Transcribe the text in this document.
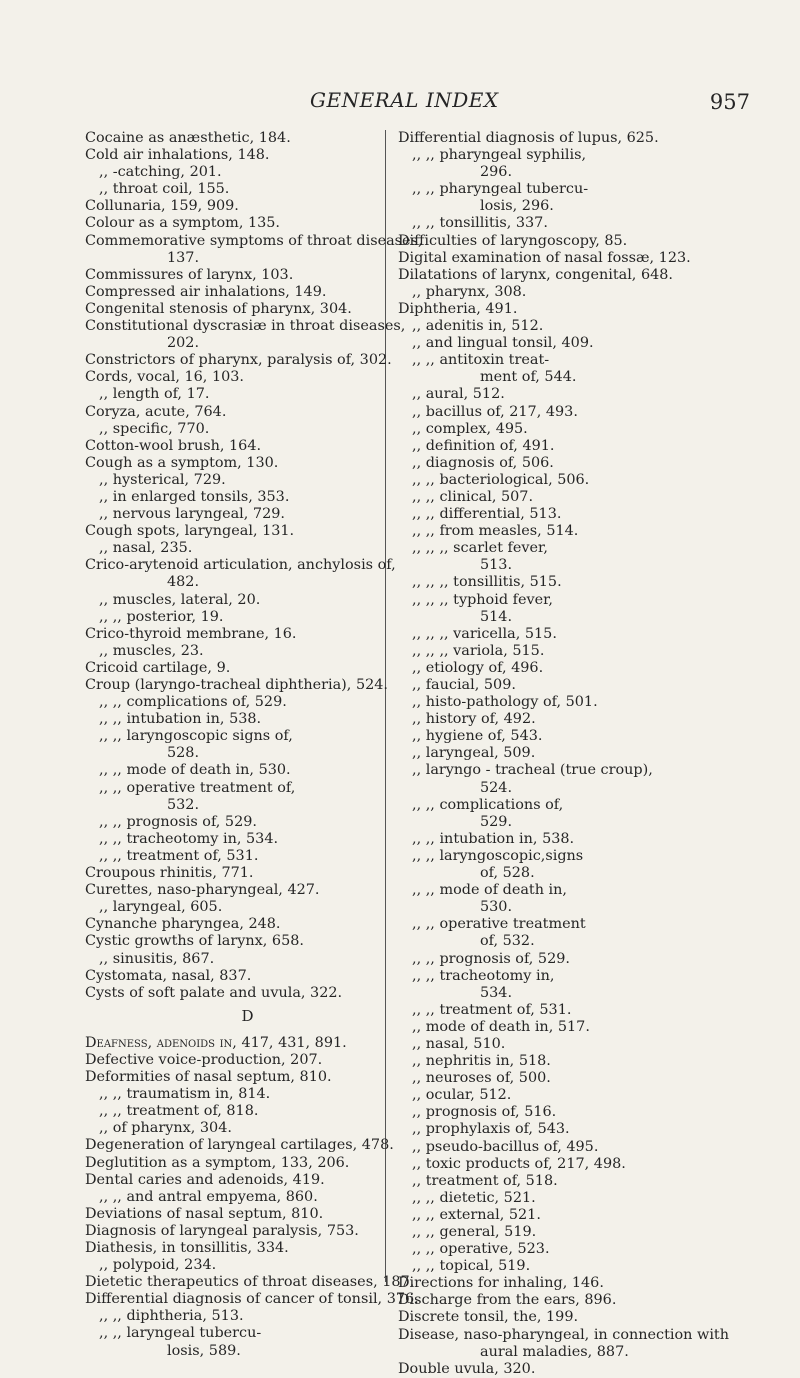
GENERAL INDEX	957
Cocaine as anæsthetic, 184.
Cold air inhalations, 148.
,, -catching, 201.
,, throat coil, 155.
Collunaria, 159, 909.
Colour as a symptom, 135.
Commemorative symptoms of throat diseases,
137.
Commissures of larynx, 103.
Compressed air inhalations, 149.
Congenital stenosis of pharynx, 304.
Constitutional dyscrasiæ in throat diseases,
202.
Constrictors of pharynx, paralysis of, 302.
Cords, vocal, 16, 103.
,, length of, 17.
Coryza, acute, 764.
,, specific, 770.
Cotton-wool brush, 164.
Cough as a symptom, 130.
,, hysterical, 729.
,, in enlarged tonsils, 353.
,, nervous laryngeal, 729.
Cough spots, laryngeal, 131.
,, nasal, 235.
Crico-arytenoid articulation, anchylosis of,
482.
,, muscles, lateral, 20.
,, ,, posterior, 19.
Crico-thyroid membrane, 16.
,, muscles, 23.
Cricoid cartilage, 9.
Croup (laryngo-tracheal diphtheria), 524.
,, ,, complications of, 529.
,, ,, intubation in, 538.
,, ,, laryngoscopic signs of,
528.
,, ,, mode of death in, 530.
,, ,, operative treatment of,
532.
,, ,, prognosis of, 529.
,, ,, tracheotomy in, 534.
,, ,, treatment of, 531.
Croupous rhinitis, 771.
Curettes, naso-pharyngeal, 427.
,, laryngeal, 605.
Cynanche pharyngea, 248.
Cystic growths of larynx, 658.
,, sinusitis, 867.
Cystomata, nasal, 837.
Cysts of soft palate and uvula, 322.
D
Deafness, adenoids in, 417, 431, 891.
Defective voice-production, 207.
Deformities of nasal septum, 810.
,, ,, traumatism in, 814.
,, ,, treatment of, 818.
,, of pharynx, 304.
Degeneration of laryngeal cartilages, 478.
Deglutition as a symptom, 133, 206.
Dental caries and adenoids, 419.
,, ,, and antral empyema, 860.
Deviations of nasal septum, 810.
Diagnosis of laryngeal paralysis, 753.
Diathesis, in tonsillitis, 334.
,, polypoid, 234.
Dietetic therapeutics of throat diseases, 187.
Differential diagnosis of cancer of tonsil, 376.
,, ,, diphtheria, 513.
,, ,, laryngeal tubercu-
losis, 589.
Differential diagnosis of lupus, 625.
,, ,, pharyngeal syphilis,
296.
,, ,, pharyngeal tubercu-
losis, 296.
,, ,, tonsillitis, 337.
Difficulties of laryngoscopy, 85.
Digital examination of nasal fossæ, 123.
Dilatations of larynx, congenital, 648.
,, pharynx, 308.
Diphtheria, 491.
,, adenitis in, 512.
,, and lingual tonsil, 409.
,, ,, antitoxin treat-
ment of, 544.
,, aural, 512.
,, bacillus of, 217, 493.
,, complex, 495.
,, definition of, 491.
,, diagnosis of, 506.
,, ,, bacteriological, 506.
,, ,, clinical, 507.
,, ,, differential, 513.
,, ,, from measles, 514.
,, ,, ,, scarlet fever,
513.
,, ,, ,, tonsillitis, 515.
,, ,, ,, typhoid fever,
514.
,, ,, ,, varicella, 515.
,, ,, ,, variola, 515.
,, etiology of, 496.
,, faucial, 509.
,, histo-pathology of, 501.
,, history of, 492.
,, hygiene of, 543.
,, laryngeal, 509.
,, laryngo - tracheal (true croup),
524.
,, ,, complications of,
529.
,, ,, intubation in, 538.
,, ,, laryngoscopic,signs
of, 528.
,, ,, mode of death in,
530.
,, ,, operative treatment
of, 532.
,, ,, prognosis of, 529.
,, ,, tracheotomy in,
534.
,, ,, treatment of, 531.
,, mode of death in, 517.
,, nasal, 510.
,, nephritis in, 518.
,, neuroses of, 500.
,, ocular, 512.
,, prognosis of, 516.
,, prophylaxis of, 543.
,, pseudo-bacillus of, 495.
,, toxic products of, 217, 498.
,, treatment of, 518.
,, ,, dietetic, 521.
,, ,, external, 521.
,, ,, general, 519.
,, ,, operative, 523.
,, ,, topical, 519.
Directions for inhaling, 146.
Discharge from the ears, 896.
Discrete tonsil, the, 199.
Disease, naso-pharyngeal, in connection with
aural maladies, 887.
Double uvula, 320.
